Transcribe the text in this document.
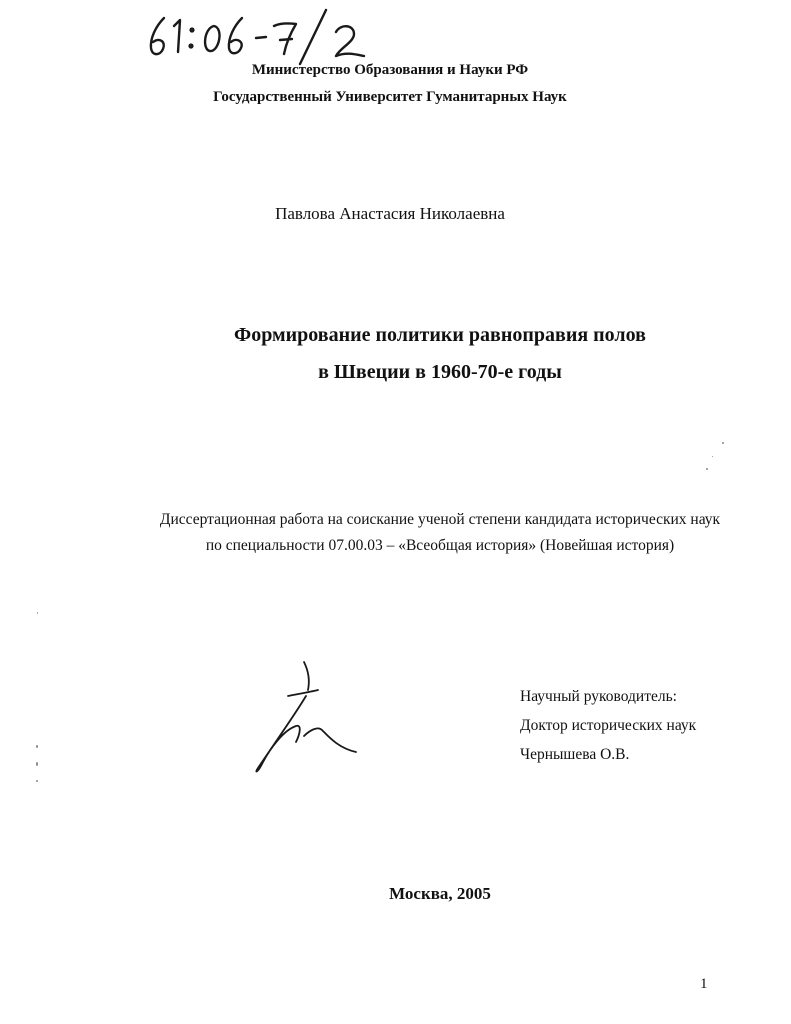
Министерство Образования и Науки РФ
Государственный Университет Гуманитарных Наук
Павлова Анастасия Николаевна
Формирование политики равноправия полов
в Швеции в 1960-70-е годы
Диссертационная работа на соискание ученой степени кандидата исторических наук
по специальности 07.00.03 – «Всеобщая история» (Новейшая история)
Научный руководитель:
Доктор исторических наук
Чернышева О.В.
Москва, 2005
1
